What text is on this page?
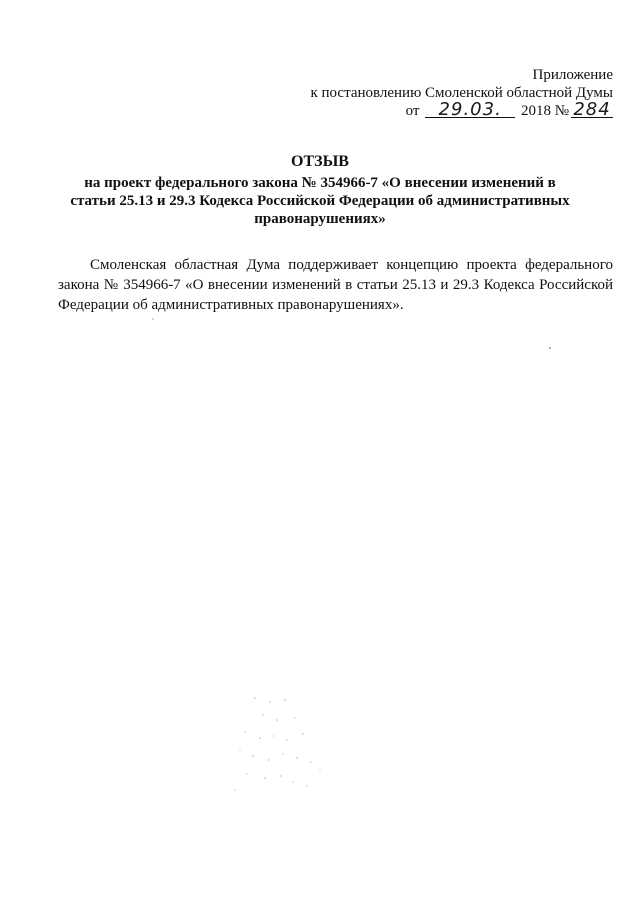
Приложение
к постановлению Смоленской областной Думы
от 29.03. 2018 № 284
ОТЗЫВ
на проект федерального закона № 354966-7 «О внесении изменений в статьи 25.13 и 29.3 Кодекса Российской Федерации об административных правонарушениях»

Смоленская областная Дума поддерживает концепцию проекта федерального закона № 354966-7 «О внесении изменений в статьи 25.13 и 29.3 Кодекса Российской Федерации об административных правонарушениях».
